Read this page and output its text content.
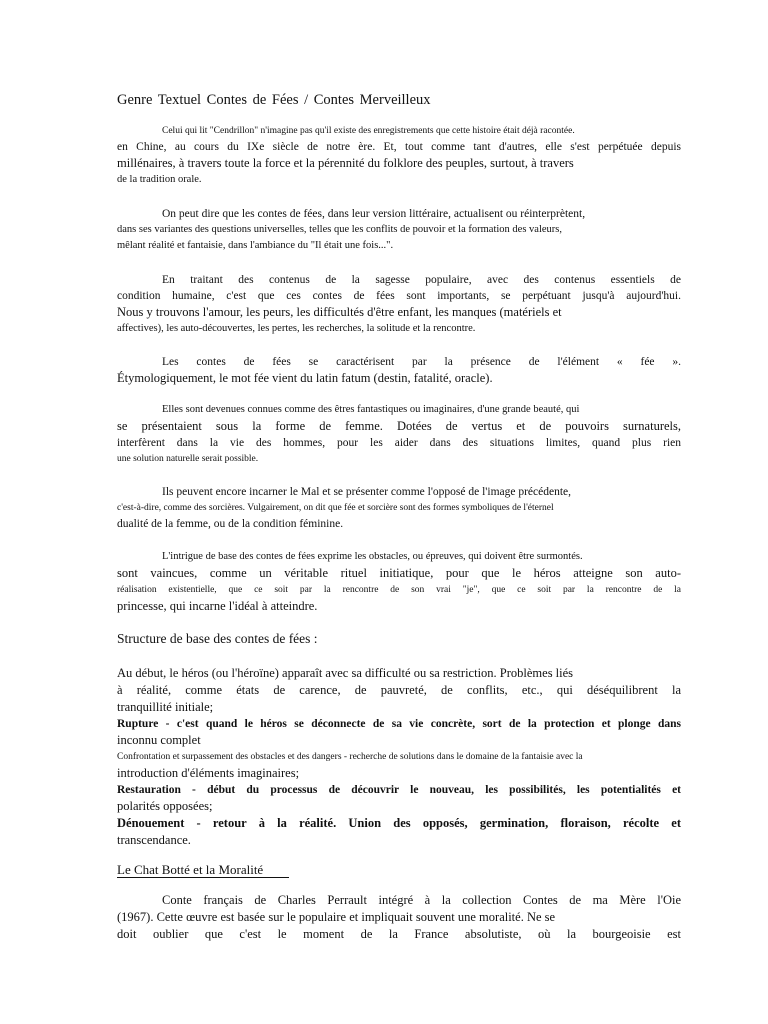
Genre Textuel Contes de Fées / Contes Merveilleux
Celui qui lit "Cendrillon" n'imagine pas qu'il existe des enregistrements que cette histoire était déjà racontée.
en Chine, au cours du IXe siècle de notre ère. Et, tout comme tant d'autres, elle s'est perpétuée depuis
millénaires, à travers toute la force et la pérennité du folklore des peuples, surtout, à travers
de la tradition orale.
On peut dire que les contes de fées, dans leur version littéraire, actualisent ou réinterprètent,
dans ses variantes des questions universelles, telles que les conflits de pouvoir et la formation des valeurs,
mêlant réalité et fantaisie, dans l'ambiance du "Il était une fois...".
En traitant des contenus de la sagesse populaire, avec des contenus essentiels de
condition humaine, c'est que ces contes de fées sont importants, se perpétuant jusqu'à aujourd'hui.
Nous y trouvons l'amour, les peurs, les difficultés d'être enfant, les manques (matériels et
affectives), les auto-découvertes, les pertes, les recherches, la solitude et la rencontre.
Les contes de fées se caractérisent par la présence de l'élément « fée ».
Étymologiquement, le mot fée vient du latin fatum (destin, fatalité, oracle).
Elles sont devenues connues comme des êtres fantastiques ou imaginaires, d'une grande beauté, qui
se présentaient sous la forme de femme. Dotées de vertus et de pouvoirs surnaturels,
interfèrent dans la vie des hommes, pour les aider dans des situations limites, quand plus rien
une solution naturelle serait possible.
Ils peuvent encore incarner le Mal et se présenter comme l'opposé de l'image précédente,
c'est-à-dire, comme des sorcières. Vulgairement, on dit que fée et sorcière sont des formes symboliques de l'éternel
dualité de la femme, ou de la condition féminine.
L'intrigue de base des contes de fées exprime les obstacles, ou épreuves, qui doivent être surmontés.
sont vaincues, comme un véritable rituel initiatique, pour que le héros atteigne son auto-
réalisation existentielle, que ce soit par la rencontre de son vrai "je", que ce soit par la rencontre de la
princesse, qui incarne l'idéal à atteindre.
Structure de base des contes de fées :
Au début, le héros (ou l'héroïne) apparaît avec sa difficulté ou sa restriction. Problèmes liés
à réalité, comme états de carence, de pauvreté, de conflits, etc., qui déséquilibrent la
tranquillité initiale;
Rupture - c'est quand le héros se déconnecte de sa vie concrète, sort de la protection et plonge dans
inconnu complet
Confrontation et surpassement des obstacles et des dangers - recherche de solutions dans le domaine de la fantaisie avec la
introduction d'éléments imaginaires;
Restauration - début du processus de découvrir le nouveau, les possibilités, les potentialités et
polarités opposées;
Dénouement - retour à la réalité. Union des opposés, germination, floraison, récolte et
transcendance.
Le Chat Botté et la Moralité
Conte français de Charles Perrault intégré à la collection Contes de ma Mère l'Oie
(1967). Cette œuvre est basée sur le populaire et impliquait souvent une moralité. Ne se
doit oublier que c'est le moment de la France absolutiste, où la bourgeoisie est
